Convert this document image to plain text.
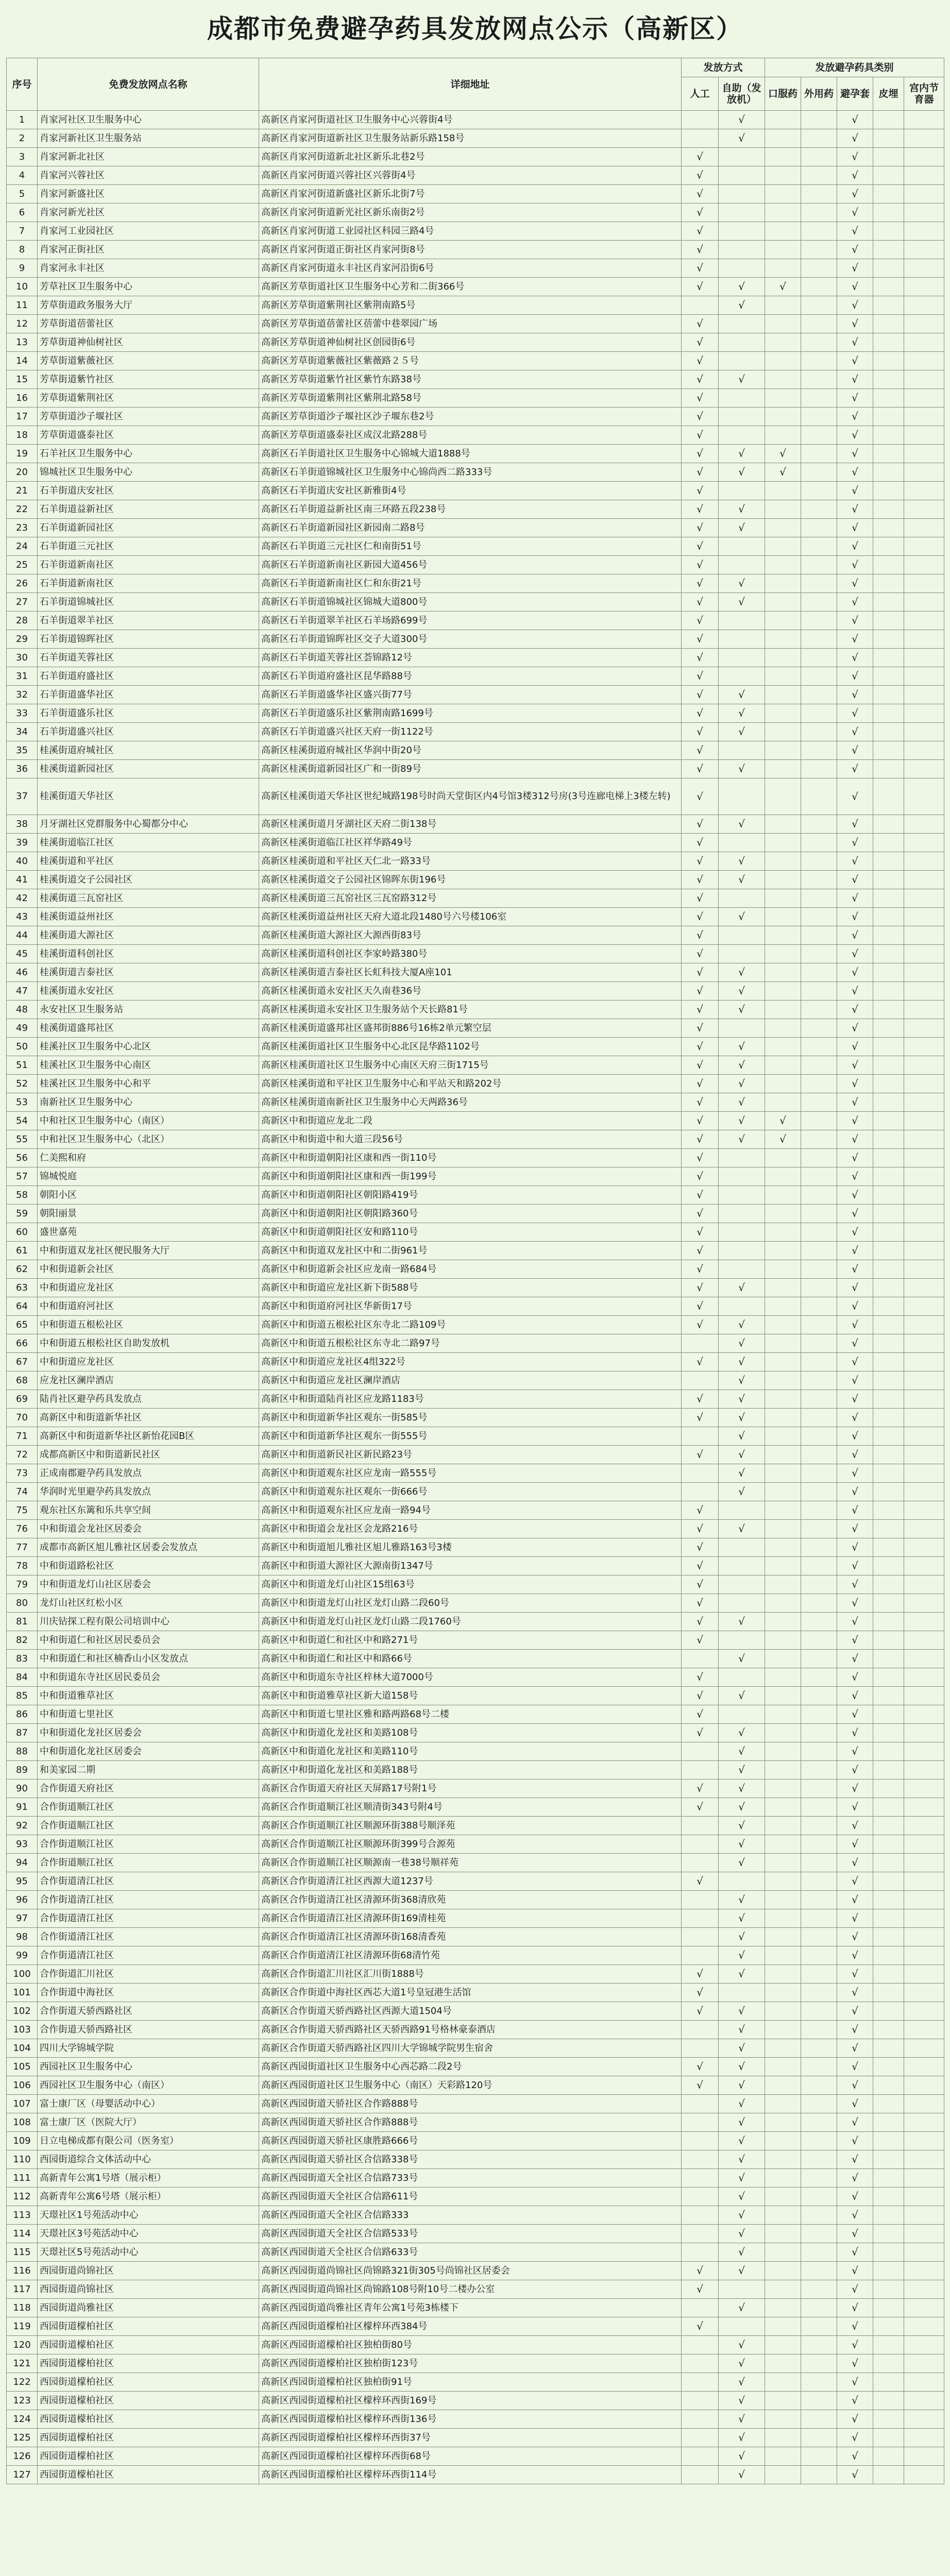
成都市免费避孕药具发放网点公示（高新区）
序号	免费发放网点名称	详细地址	发放方式		发放避孕药具类别				
			人工	自助（发放机）	口服药	外用药	避孕套	皮埋	宫内节育器
1	肖家河社区卫生服务中心	高新区肖家河街道社区卫生服务中心兴蓉街4号		√			√		
2	肖家河新社区卫生服务站	高新区肖家河街道新社区卫生服务站新乐路158号		√			√		
3	肖家河新北社区	高新区肖家河街道新北社区新乐北巷2号	√				√		
4	肖家河兴蓉社区	高新区肖家河街道兴蓉社区兴蓉街4号	√				√		
5	肖家河新盛社区	高新区肖家河街道新盛社区新乐北街7号	√				√		
6	肖家河新光社区	高新区肖家河街道新光社区新乐南街2号	√				√		
7	肖家河工业园社区	高新区肖家河街道工业园社区科园三路4号	√				√		
8	肖家河正街社区	高新区肖家河街道正街社区肖家河街8号	√				√		
9	肖家河永丰社区	高新区肖家河街道永丰社区肖家河沿街6号	√				√		
10	芳草社区卫生服务中心	高新区芳草街道社区卫生服务中心芳和二街366号	√	√	√		√		
11	芳草街道政务服务大厅	高新区芳草街道紫荆社区紫荆南路5号		√			√		
12	芳草街道蓓蕾社区	高新区芳草街道蓓蕾社区蓓蕾中巷翠园广场	√				√		
13	芳草街道神仙树社区	高新区芳草街道神仙树社区创园街6号	√				√		
14	芳草街道紫薇社区	高新区芳草街道紫薇社区紫薇路２５号	√				√		
15	芳草街道紫竹社区	高新区芳草街道紫竹社区紫竹东路38号	√	√			√		
16	芳草街道紫荆社区	高新区芳草街道紫荆社区紫荆北路58号	√				√		
17	芳草街道沙子堰社区	高新区芳草街道沙子堰社区沙子堰东巷2号	√				√		
18	芳草街道盛泰社区	高新区芳草街道盛泰社区成汉北路288号	√				√		
19	石羊社区卫生服务中心	高新区石羊街道社区卫生服务中心锦城大道1888号	√	√	√		√		
20	锦城社区卫生服务中心	高新区石羊街道锦城社区卫生服务中心锦尚西二路333号	√	√	√		√		
21	石羊街道庆安社区	高新区石羊街道庆安社区新雅街4号	√				√		
22	石羊街道益新社区	高新区石羊街道益新社区南三环路五段238号	√	√			√		
23	石羊街道新园社区	高新区石羊街道新园社区新园南二路8号	√	√			√		
24	石羊街道三元社区	高新区石羊街道三元社区仁和南街51号	√				√		
25	石羊街道新南社区	高新区石羊街道新南社区新园大道456号	√				√		
26	石羊街道新南社区	高新区石羊街道新南社区仁和东街21号	√	√			√		
27	石羊街道锦城社区	高新区石羊街道锦城社区锦城大道800号	√	√			√		
28	石羊街道翠羊社区	高新区石羊街道翠羊社区石羊场路699号	√				√		
29	石羊街道锦晖社区	高新区石羊街道锦晖社区交子大道300号	√				√		
30	石羊街道芙蓉社区	高新区石羊街道芙蓉社区荟锦路12号	√				√		
31	石羊街道府盛社区	高新区石羊街道府盛社区昆华路88号	√				√		
32	石羊街道盛华社区	高新区石羊街道盛华社区盛兴街77号	√	√			√		
33	石羊街道盛乐社区	高新区石羊街道盛乐社区紫荆南路1699号	√	√			√		
34	石羊街道盛兴社区	高新区石羊街道盛兴社区天府一街1122号	√	√			√		
35	桂溪街道府城社区	高新区桂溪街道府城社区华润中街20号	√				√		
36	桂溪街道新园社区	高新区桂溪街道新园社区广和一街89号	√	√			√		
37	桂溪街道天华社区	高新区桂溪街道天华社区世纪城路198号时尚天堂街区内4号馆3楼312号房(3号连廊电梯上3楼左转)	√				√		
38	月牙湖社区党群服务中心蜀都分中心	高新区桂溪街道月牙湖社区天府二街138号	√	√			√		
39	桂溪街道临江社区	高新区桂溪街道临江社区祥华路49号	√				√		
40	桂溪街道和平社区	高新区桂溪街道和平社区天仁北一路33号	√	√			√		
41	桂溪街道交子公园社区	高新区桂溪街道交子公园社区锦晖东街196号	√	√			√		
42	桂溪街道三瓦窑社区	高新区桂溪街道三瓦窑社区三瓦窑路312号	√				√		
43	桂溪街道益州社区	高新区桂溪街道益州社区天府大道北段1480号六号楼106室	√	√			√		
44	桂溪街道大源社区	高新区桂溪街道大源社区大源西街83号	√				√		
45	桂溪街道科创社区	高新区桂溪街道科创社区李家岭路380号	√				√		
46	桂溪街道吉泰社区	高新区桂溪街道吉泰社区长虹科技大厦A座101	√	√			√		
47	桂溪街道永安社区	高新区桂溪街道永安社区天久南巷36号	√	√			√		
48	永安社区卫生服务站	高新区桂溪街道永安社区卫生服务站个天长路81号	√	√			√		
49	桂溪街道盛邦社区	高新区桂溪街道盛邦社区盛邦街886号16栋2单元繁空层	√				√		
50	桂溪社区卫生服务中心北区	高新区桂溪街道社区卫生服务中心北区昆华路1102号	√	√			√		
51	桂溪社区卫生服务中心南区	高新区桂溪街道社区卫生服务中心南区天府三街1715号	√	√			√		
52	桂溪社区卫生服务中心和平	高新区桂溪街道和平社区卫生服务中心和平站天和路202号	√	√			√		
53	南新社区卫生服务中心	高新区桂溪街道南新社区卫生服务中心天两路36号	√	√			√		
54	中和社区卫生服务中心（南区）	高新区中和街道应龙北二段	√	√	√		√		
55	中和社区卫生服务中心（北区）	高新区中和街道中和大道三段56号	√	√	√		√		
56	仁美熙和府	高新区中和街道朝阳社区康和西一街110号	√				√		
57	锦城悦庭	高新区中和街道朝阳社区康和西一街199号	√				√		
58	朝阳小区	高新区中和街道朝阳社区朝阳路419号	√				√		
59	朝阳丽景	高新区中和街道朝阳社区朝阳路360号	√				√		
60	盛世嘉苑	高新区中和街道朝阳社区安和路110号	√				√		
61	中和街道双龙社区便民服务大厅	高新区中和街道双龙社区中和二街961号	√				√		
62	中和街道新会社区	高新区中和街道新会社区应龙南一路684号	√				√		
63	中和街道应龙社区	高新区中和街道应龙社区新下街588号	√	√			√		
64	中和街道府河社区	高新区中和街道府河社区华新街17号	√				√		
65	中和街道五根松社区	高新区中和街道五根松社区东寺北二路109号	√	√			√		
66	中和街道五根松社区自助发放机	高新区中和街道五根松社区东寺北二路97号		√			√		
67	中和街道应龙社区	高新区中和街道应龙社区4组322号	√	√			√		
68	应龙社区澜岸酒店	高新区中和街道应龙社区澜岸酒店		√			√		
69	陆肖社区避孕药具发放点	高新区中和街道陆肖社区应龙路1183号	√	√			√		
70	高新区中和街道新华社区	高新区中和街道新华社区观东一街585号	√	√			√		
71	高新区中和街道新华社区新怡花园B区	高新区中和街道新华社区观东一街555号		√			√		
72	成都高新区中和街道新民社区	高新区中和街道新民社区新民路23号	√	√			√		
73	正成南郡避孕药具发放点	高新区中和街道观东社区应龙南一路555号		√			√		
74	华润时光里避孕药具发放点	高新区中和街道观东社区观东一街666号		√			√		
75	观东社区东篱和乐共享空间	高新区中和街道观东社区应龙南一路94号	√				√		
76	中和街道会龙社区居委会	高新区中和街道会龙社区会龙路216号	√	√			√		
77	成都市高新区旭儿雅社区居委会发放点	高新区中和街道旭儿雅社区旭儿雅路163号3楼	√				√		
78	中和街道路松社区	高新区中和街道大源社区大源南街1347号	√				√		
79	中和街道龙灯山社区居委会	高新区中和街道龙灯山社区15组63号	√				√		
80	龙灯山社区红松小区	高新区中和街道龙灯山社区龙灯山路二段60号	√				√		
81	川庆钻探工程有限公司培训中心	高新区中和街道龙灯山社区龙灯山路二段1760号	√	√			√		
82	中和街道仁和社区居民委员会	高新区中和街道仁和社区中和路271号	√				√		
83	中和街道仁和社区楠香山小区发放点	高新区中和街道仁和社区中和路66号		√			√		
84	中和街道东寺社区居民委员会	高新区中和街道东寺社区梓林大道7000号	√				√		
85	中和街道雅草社区	高新区中和街道雅草社区新大道158号	√	√			√		
86	中和街道七里社区	高新区中和街道七里社区雅和路两路68号二楼	√				√		
87	中和街道化龙社区居委会	高新区中和街道化龙社区和美路108号	√	√			√		
88	中和街道化龙社区居委会	高新区中和街道化龙社区和美路110号		√			√		
89	和美家园二期	高新区中和街道化龙社区和美路188号		√			√		
90	合作街道天府社区	高新区合作街道天府社区天屏路17号附1号	√	√			√		
91	合作街道顺江社区	高新区合作街道顺江社区顺清街343号附4号	√	√			√		
92	合作街道顺江社区	高新区合作街道顺江社区顺源环街388号顺泽苑		√			√		
93	合作街道顺江社区	高新区合作街道顺江社区顺源环街399号合源苑		√			√		
94	合作街道顺江社区	高新区合作街道顺江社区顺源南一巷38号顺祥苑		√			√		
95	合作街道清江社区	高新区合作街道清江社区西源大道1237号	√				√		
96	合作街道清江社区	高新区合作街道清江社区清源环街368清欣苑		√			√		
97	合作街道清江社区	高新区合作街道清江社区清源环街169清桂苑		√			√		
98	合作街道清江社区	高新区合作街道清江社区清源环街168清香苑		√			√		
99	合作街道清江社区	高新区合作街道清江社区清源环街68清竹苑		√			√		
100	合作街道汇川社区	高新区合作街道汇川社区汇川街1888号	√	√			√		
101	合作街道中海社区	高新区合作街道中海社区西芯大道1号皇冠港生活馆	√				√		
102	合作街道天骄西路社区	高新区合作街道天骄西路社区西源大道1504号	√	√			√		
103	合作街道天骄西路社区	高新区合作街道天骄西路社区天骄西路91号格林豪泰酒店		√			√		
104	四川大学锦城学院	高新区合作街道天骄西路社区四川大学锦城学院男生宿舍		√			√		
105	西园社区卫生服务中心	高新区西园街道社区卫生服务中心西芯路二段2号	√	√			√		
106	西园社区卫生服务中心（南区）	高新区西园街道社区卫生服务中心（南区）天彩路120号	√	√			√		
107	富士康厂区（母婴活动中心）	高新区西园街道天骄社区合作路888号		√			√		
108	富士康厂区（医院大厅）	高新区西园街道天骄社区合作路888号		√			√		
109	日立电梯成都有限公司（医务室）	高新区西园街道天骄社区康胜路666号		√			√		
110	西园街道综合文体活动中心	高新区西园街道天骄社区合信路338号		√			√		
111	高新青年公寓1号塔（展示柜）	高新区西园街道天全社区合信路733号		√			√		
112	高新青年公寓6号塔（展示柜）	高新区西园街道天全社区合信路611号		√			√		
113	天璟社区1号苑活动中心	高新区西园街道天全社区合信路333		√			√		
114	天璟社区3号苑活动中心	高新区西园街道天全社区合信路533号		√			√		
115	天璟社区5号苑活动中心	高新区西园街道天全社区合信路633号		√			√		
116	西园街道尚锦社区	高新区西园街道尚锦社区尚锦路321街305号尚锦社区居委会	√	√			√		
117	西园街道尚锦社区	高新区西园街道尚锦社区尚锦路108号附10号二楼办公室	√				√		
118	西园街道尚雅社区	高新区西园街道尚雅社区青年公寓1号苑3栋楼下		√			√		
119	西园街道檬柏社区	高新区西园街道檬柏社区檬梓环西384号	√				√		
120	西园街道檬柏社区	高新区西园街道檬柏社区独柏街80号		√			√		
121	西园街道檬柏社区	高新区西园街道檬柏社区独柏街123号		√			√		
122	西园街道檬柏社区	高新区西园街道檬柏社区独柏街91号		√			√		
123	西园街道檬柏社区	高新区西园街道檬柏社区檬梓环西街169号		√			√		
124	西园街道檬柏社区	高新区西园街道檬柏社区檬梓环西街136号		√			√		
125	西园街道檬柏社区	高新区西园街道檬柏社区檬梓环西街37号		√			√		
126	西园街道檬柏社区	高新区西园街道檬柏社区檬梓环西街68号		√			√		
127	西园街道檬柏社区	高新区西园街道檬柏社区檬梓环西街114号		√			√		
